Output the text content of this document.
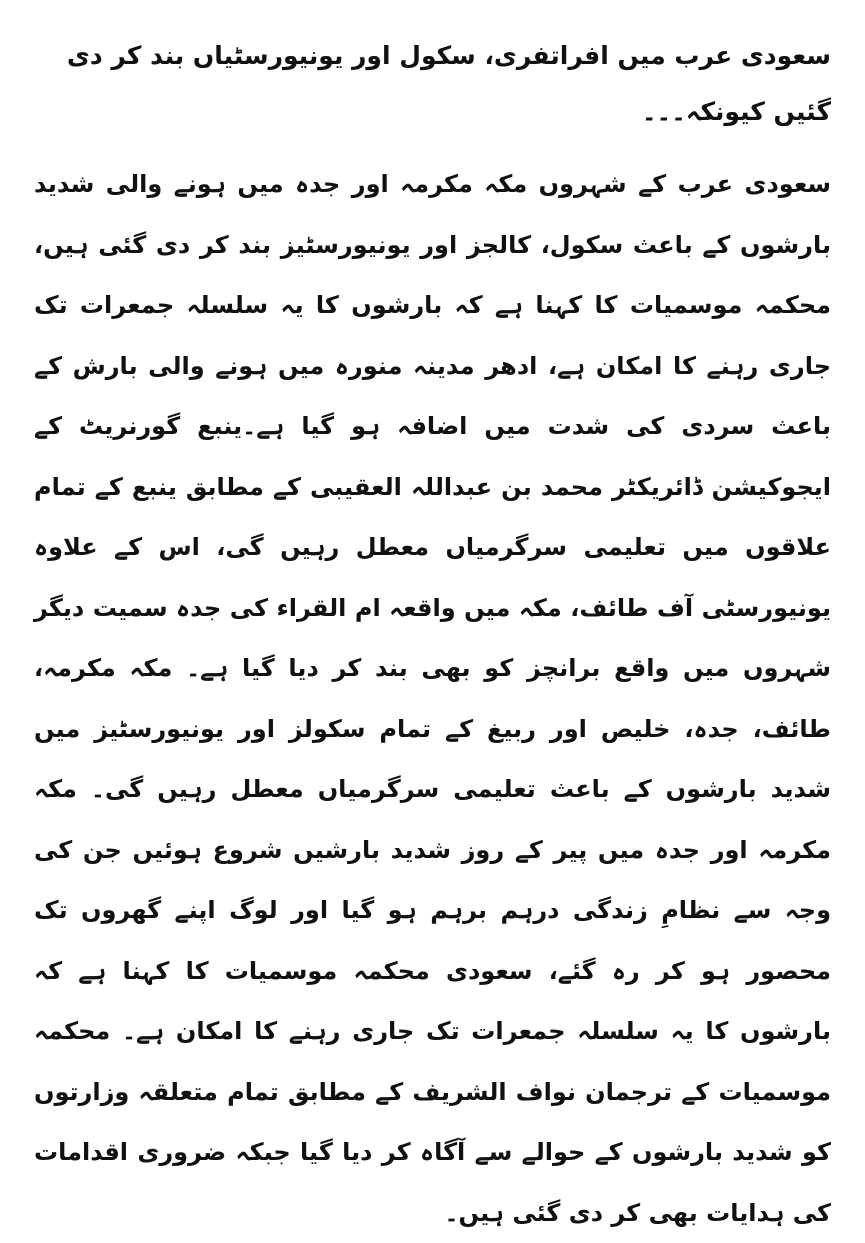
سعودی عرب میں افراتفری، سکول اور یونیورسٹیاں بند کر دی گئیں کیونکہ۔۔۔

سعودی عرب کے شہروں مکہ مکرمہ اور جدہ میں ہونے والی شدید بارشوں کے باعث سکول، کالجز اور یونیورسٹیز بند کر دی گئی ہیں، محکمہ موسمیات کا کہنا ہے کہ بارشوں کا یہ سلسلہ جمعرات تک جاری رہنے کا امکان ہے، ادھر مدینہ منورہ میں ہونے والی بارش کے باعث سردی کی شدت میں اضافہ ہو گیا ہے۔ینبع گورنریٹ کے ایجوکیشن ڈائریکٹر محمد بن عبداللہ العقیبی کے مطابق ینبع کے تمام علاقوں میں تعلیمی سرگرمیاں معطل رہیں گی، اس کے علاوہ یونیورسٹی آف طائف، مکہ میں واقعہ ام القراء کی جدہ سمیت دیگر شہروں میں واقع برانچز کو بھی بند کر دیا گیا ہے۔ مکہ مکرمہ، طائف، جدہ، خلیص اور ربیغ کے تمام سکولز اور یونیورسٹیز میں شدید بارشوں کے باعث تعلیمی سرگرمیاں معطل رہیں گی۔ مکہ مکرمہ اور جدہ میں پیر کے روز شدید بارشیں شروع ہوئیں جن کی وجہ سے نظامِ زندگی درہم برہم ہو گیا اور لوگ اپنے گھروں تک محصور ہو کر رہ گئے، سعودی محکمہ موسمیات کا کہنا ہے کہ بارشوں کا یہ سلسلہ جمعرات تک جاری رہنے کا امکان ہے۔ محکمہ موسمیات کے ترجمان نواف الشریف کے مطابق تمام متعلقہ وزارتوں کو شدید بارشوں کے حوالے سے آگاہ کر دیا گیا جبکہ ضروری اقدامات کی ہدایات بھی کر دی گئی ہیں۔
